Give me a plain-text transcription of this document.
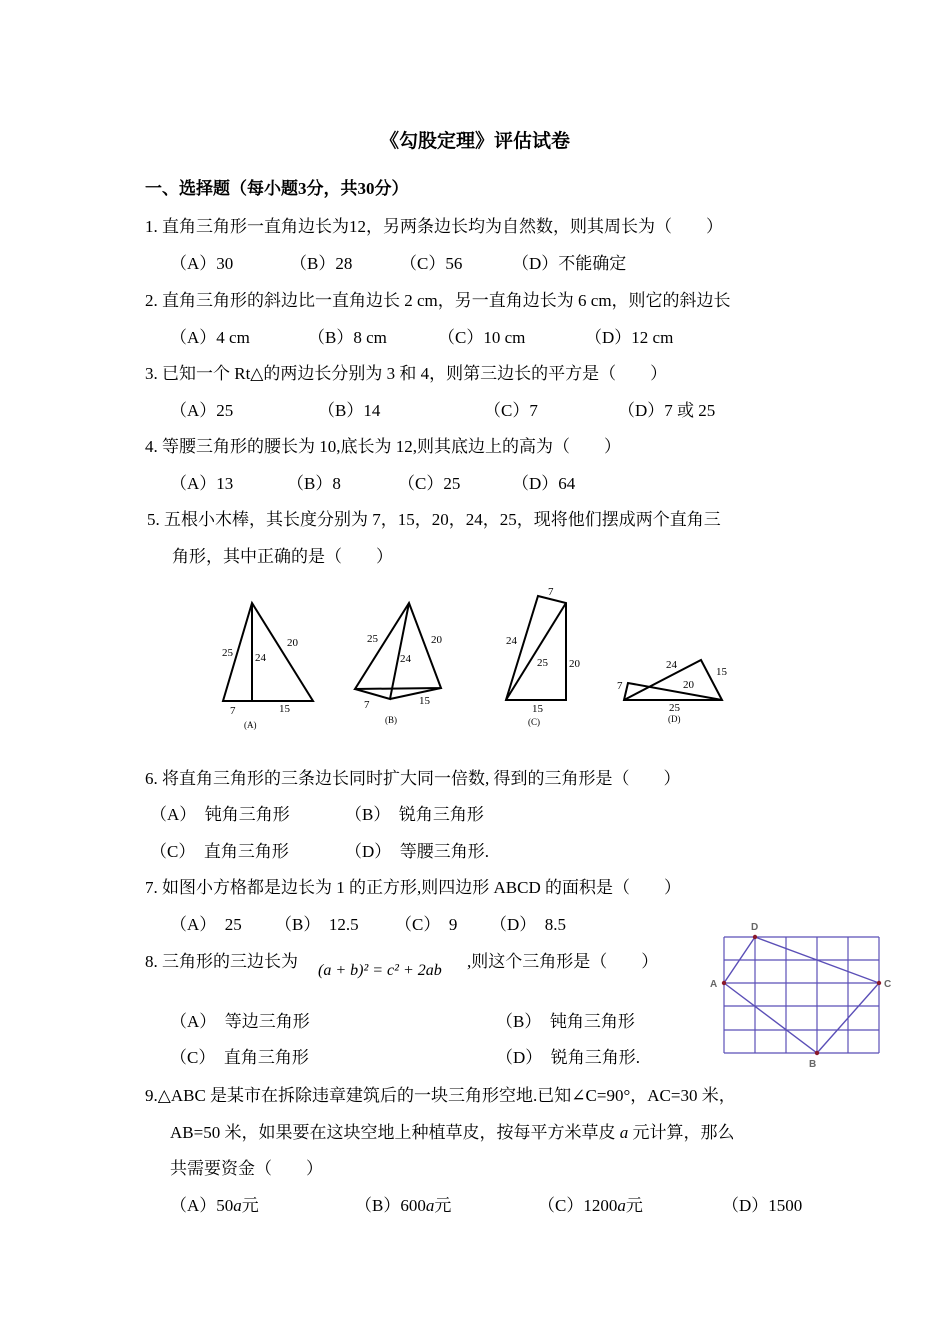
《勾股定理》评估试卷
一、选择题（每小题3分，共30分）
1. 直角三角形一直角边长为12，另两条边长均为自然数，则其周长为（　　）
（A）30	（B）28	（C）56	（D）不能确定
2. 直角三角形的斜边比一直角边长 2 cm，另一直角边长为 6 cm，则它的斜边长
（A）4 cm	（B）8 cm	（C）10 cm	（D）12 cm
3. 已知一个 Rt△的两边长分别为 3 和 4，则第三边长的平方是（　　）
（A）25	（B）14	（C）7	（D）7 或 25
4. 等腰三角形的腰长为 10,底长为 12,则其底边上的高为（　　）
（A）13	（B）8	（C）25	（D）64
5. 五根小木棒，其长度分别为 7，15，20，24，25，现将他们摆成两个直角三
角形，其中正确的是（　　）
25 24
20
7	15
(A)
25	20
24
7	15
(B)
7
24
25 20
15
(C)
24
15
7	20
25
(D)
6. 将直角三角形的三条边长同时扩大同一倍数, 得到的三角形是（　　）
（A）　钝角三角形	（B）　锐角三角形
（C）　直角三角形	（D）　等腰三角形.
7. 如图小方格都是边长为 1 的正方形,则四边形 ABCD 的面积是（　　）
（A）　25 （B）　12.5 （C）　9 （D）　8.5	D
A	C
B
8. 三角形的三边长为 (a + b)² = c² + 2ab ,则这个三角形是（　　）
（A）　等边三角形	（B）　钝角三角形
（C）　直角三角形	（D）　锐角三角形.
9.△ABC 是某市在拆除违章建筑后的一块三角形空地.已知∠C=90°，AC=30 米，
AB=50 米，如果要在这块空地上种植草皮，按每平方米草皮 a 元计算，那么
共需要资金（　　）
（A）50a元	（B）600a元	（C）1200a元	（D）1500
